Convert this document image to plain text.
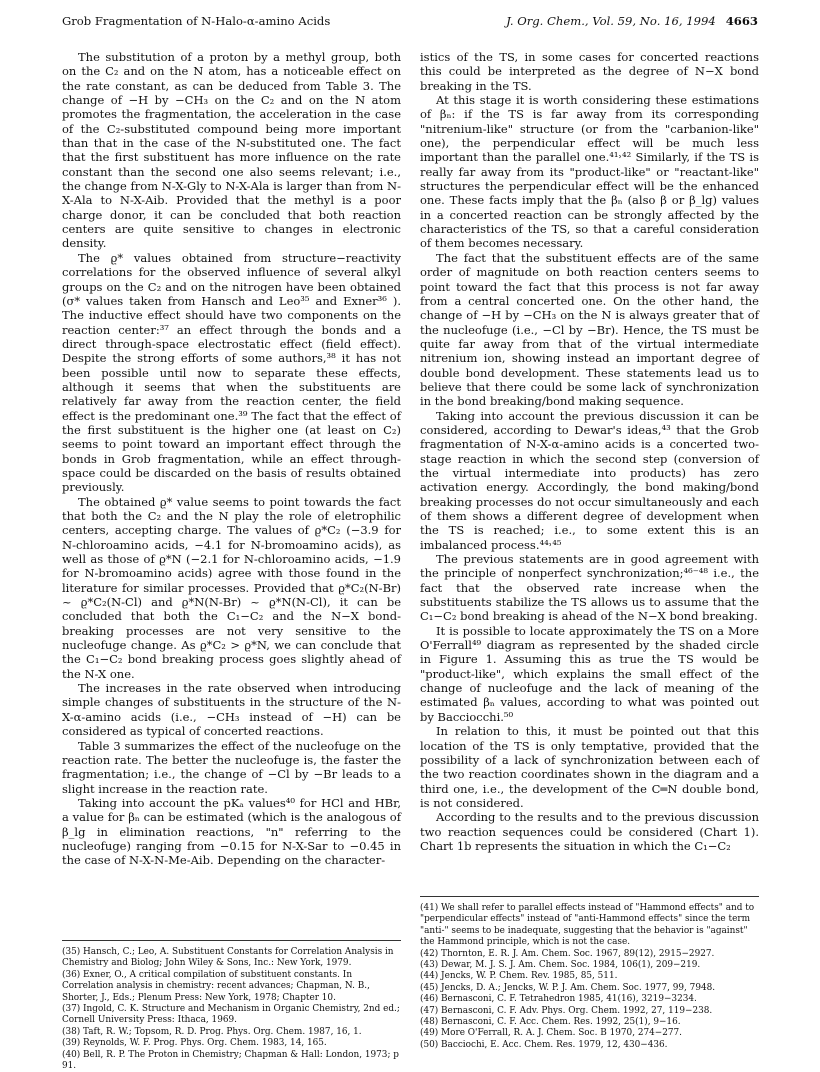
Grob Fragmentation of N-Halo-α-amino Acids	J. Org. Chem., Vol. 59, No. 16, 1994 4663

The substitution of a proton by a methyl group, both on the C₂ and on the N atom, has a noticeable effect on the rate constant, as can be deduced from Table 3. The change of −H by −CH₃ on the C₂ and on the N atom promotes the fragmentation, the acceleration in the case of the C₂-substituted compound being more important than that in the case of the N-substituted one. The fact that the first substituent has more influence on the rate constant than the second one also seems relevant; i.e., the change from N-X-Gly to N-X-Ala is larger than from N-X-Ala to N-X-Aib. Provided that the methyl is a poor charge donor, it can be concluded that both reaction centers are quite sensitive to changes in electronic density.

The ϱ* values obtained from structure−reactivity correlations for the observed influence of several alkyl groups on the C₂ and on the nitrogen have been obtained (σ* values taken from Hansch and Leo³⁵ and Exner³⁶ ). The inductive effect should have two components on the reaction center:³⁷ an effect through the bonds and a direct through-space electrostatic effect (field effect). Despite the strong efforts of some authors,³⁸ it has not been possible until now to separate these effects, although it seems that when the substituents are relatively far away from the reaction center, the field effect is the predominant one.³⁹ The fact that the effect of the first substituent is the higher one (at least on C₂) seems to point toward an important effect through the bonds in Grob fragmentation, while an effect through-space could be discarded on the basis of results obtained previously.

The obtained ϱ* value seems to point towards the fact that both the C₂ and the N play the role of eletrophilic centers, accepting charge. The values of ϱ*C₂ (−3.9 for N-chloroamino acids, −4.1 for N-bromoamino acids), as well as those of ϱ*N (−2.1 for N-chloroamino acids, −1.9 for N-bromoamino acids) agree with those found in the literature for similar processes. Provided that ϱ*C₂(N-Br) ~ ϱ*C₂(N-Cl) and ϱ*N(N-Br) ~ ϱ*N(N-Cl), it can be concluded that both the C₁−C₂ and the N−X bond-breaking processes are not very sensitive to the nucleofuge change. As ϱ*C₂ > ϱ*N, we can conclude that the C₁−C₂ bond breaking process goes slightly ahead of the N-X one.

The increases in the rate observed when introducing simple changes of substituents in the structure of the N-X-α-amino acids (i.e., −CH₃ instead of −H) can be considered as typical of concerted reactions.

Table 3 summarizes the effect of the nucleofuge on the reaction rate. The better the nucleofuge is, the faster the fragmentation; i.e., the change of −Cl by −Br leads to a slight increase in the reaction rate.

Taking into account the pKₐ values⁴⁰ for HCl and HBr, a value for βₙ can be estimated (which is the analogous of β_lg in elimination reactions, "n" referring to the nucleofuge) ranging from −0.15 for N-X-Sar to −0.45 in the case of N-X-N-Me-Aib. Depending on the character-

istics of the TS, in some cases for concerted reactions this could be interpreted as the degree of N−X bond breaking in the TS.

At this stage it is worth considering these estimations of βₙ: if the TS is far away from its corresponding "nitrenium-like" structure (or from the "carbanion-like" one), the perpendicular effect will be much less important than the parallel one.⁴¹˒⁴² Similarly, if the TS is really far away from its "product-like" or "reactant-like" structures the perpendicular effect will be the enhanced one. These facts imply that the βₙ (also β or β_lg) values in a concerted reaction can be strongly affected by the characteristics of the TS, so that a careful consideration of them becomes necessary.

The fact that the substituent effects are of the same order of magnitude on both reaction centers seems to point toward the fact that this process is not far away from a central concerted one. On the other hand, the change of −H by −CH₃ on the N is always greater that of the nucleofuge (i.e., −Cl by −Br). Hence, the TS must be quite far away from that of the virtual intermediate nitrenium ion, showing instead an important degree of double bond development. These statements lead us to believe that there could be some lack of synchronization in the bond breaking/bond making sequence.

Taking into account the previous discussion it can be considered, according to Dewar's ideas,⁴³ that the Grob fragmentation of N-X-α-amino acids is a concerted two-stage reaction in which the second step (conversion of the virtual intermediate into products) has zero activation energy. Accordingly, the bond making/bond breaking processes do not occur simultaneously and each of them shows a different degree of development when the TS is reached; i.e., to some extent this is an imbalanced process.⁴⁴˒⁴⁵

The previous statements are in good agreement with the principle of nonperfect synchronization;⁴⁶⁻⁴⁸ i.e., the fact that the observed rate increase when the substituents stabilize the TS allows us to assume that the C₁−C₂ bond breaking is ahead of the N−X bond breaking.

It is possible to locate approximately the TS on a More O'Ferrall⁴⁹ diagram as represented by the shaded circle in Figure 1. Assuming this as true the TS would be "product-like", which explains the small effect of the change of nucleofuge and the lack of meaning of the estimated βₙ values, according to what was pointed out by Bacciocchi.⁵⁰

In relation to this, it must be pointed out that this location of the TS is only temptative, provided that the possibility of a lack of synchronization between each of the two reaction coordinates shown in the diagram and a third one, i.e., the development of the C═N double bond, is not considered.

According to the results and to the previous discussion two reaction sequences could be considered (Chart 1). Chart 1b represents the situation in which the C₁−C₂

(35) Hansch, C.; Leo, A. Substituent Constants for Correlation Analysis in Chemistry and Biolog; John Wiley & Sons, Inc.: New York, 1979.
(36) Exner, O., A critical compilation of substituent constants. In Correlation analysis in chemistry: recent advances; Chapman, N. B., Shorter, J., Eds.; Plenum Press: New York, 1978; Chapter 10.
(37) Ingold, C. K. Structure and Mechanism in Organic Chemistry, 2nd ed.; Cornell University Press: Ithaca, 1969.
(38) Taft, R. W.; Topsom, R. D. Prog. Phys. Org. Chem. 1987, 16, 1.
(39) Reynolds, W. F. Prog. Phys. Org. Chem. 1983, 14, 165.
(40) Bell, R. P. The Proton in Chemistry; Chapman & Hall: London, 1973; p 91.
(41) We shall refer to parallel effects instead of "Hammond effects" and to "perpendicular effects" instead of "anti-Hammond effects" since the term "anti-" seems to be inadequate, suggesting that the behavior is "against" the Hammond principle, which is not the case.
(42) Thornton, E. R. J. Am. Chem. Soc. 1967, 89(12), 2915−2927.
(43) Dewar, M. J. S. J. Am. Chem. Soc. 1984, 106(1), 209−219.
(44) Jencks, W. P. Chem. Rev. 1985, 85, 511.
(45) Jencks, D. A.; Jencks, W. P. J. Am. Chem. Soc. 1977, 99, 7948.
(46) Bernasconi, C. F. Tetrahedron 1985, 41(16), 3219−3234.
(47) Bernasconi, C. F. Adv. Phys. Org. Chem. 1992, 27, 119−238.
(48) Bernasconi, C. F. Acc. Chem. Res. 1992, 25(1), 9−16.
(49) More O'Ferrall, R. A. J. Chem. Soc. B 1970, 274−277.
(50) Bacciochi, E. Acc. Chem. Res. 1979, 12, 430−436.
